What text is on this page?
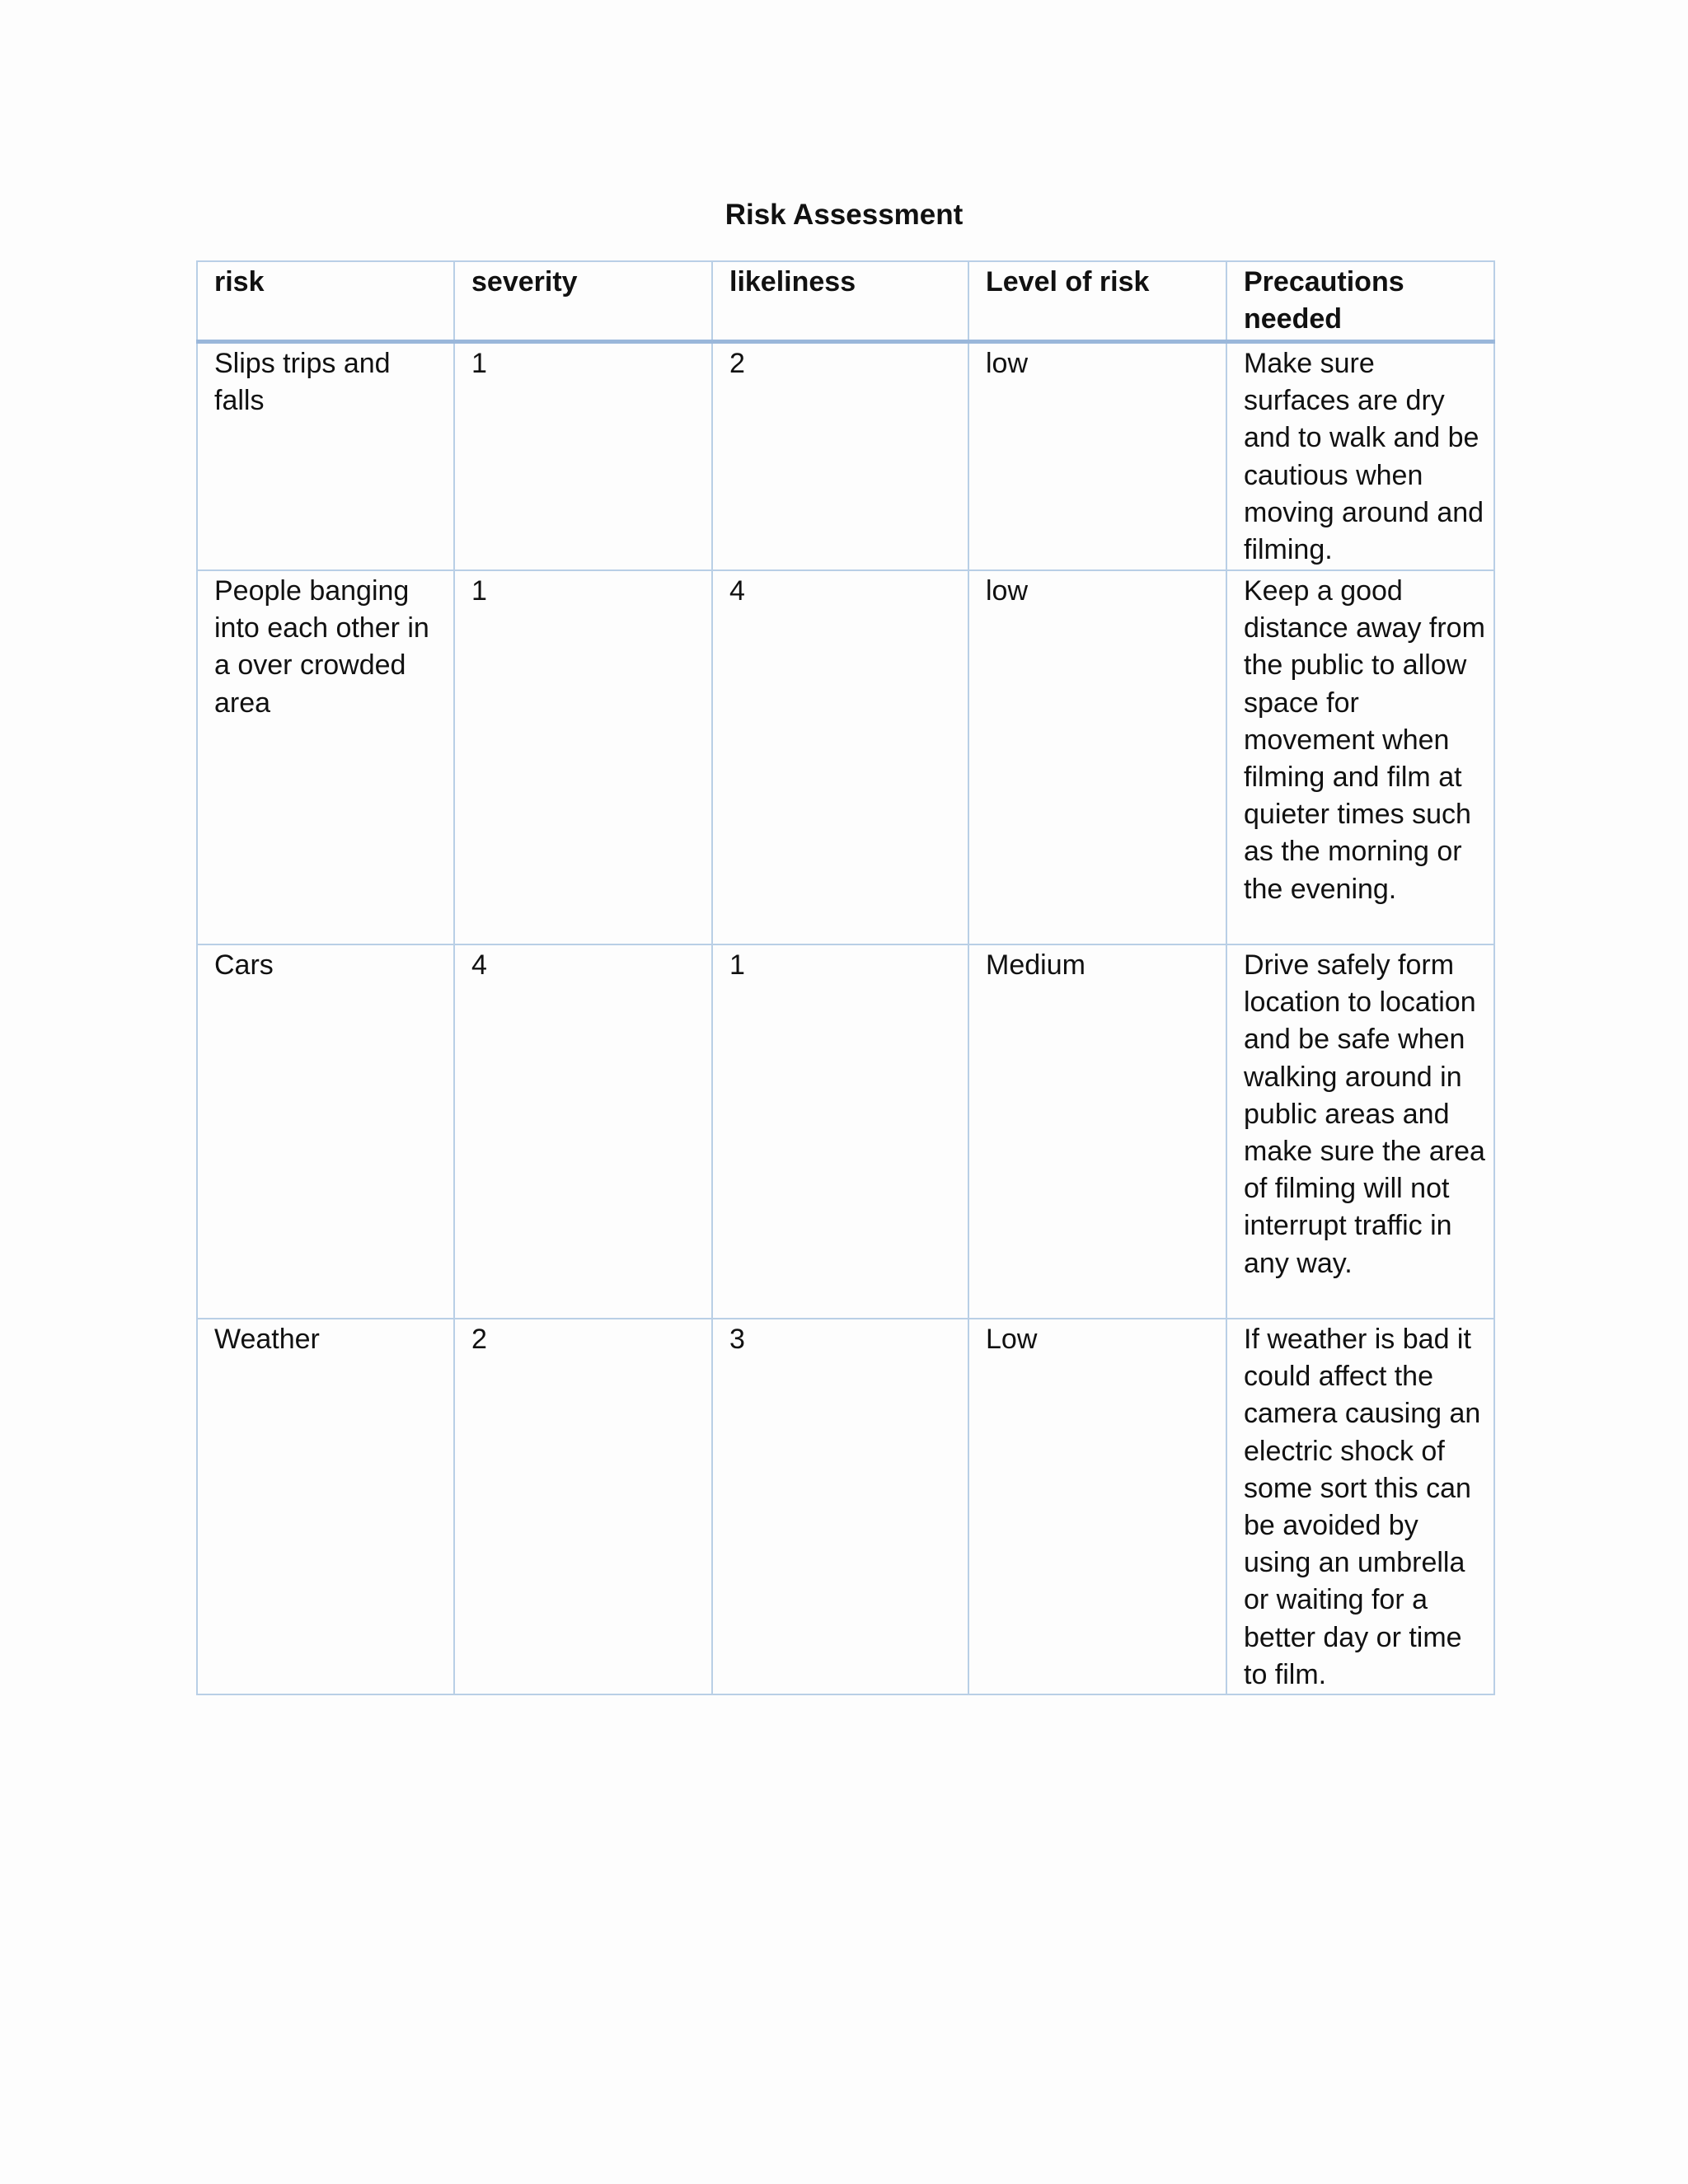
Risk Assessment
risk	severity	likeliness	Level of risk	Precautions needed
Slips trips and falls	1	2	low	Make sure surfaces are dry and to walk and be cautious when moving around and filming.
People banging into each other in a over crowded area	1	4	low	Keep a good distance away from the public to allow space for movement when filming and film at quieter times such as the morning or the evening.
Cars	4	1	Medium	Drive safely form location to location and be safe when walking around in public areas and make sure the area of filming will not interrupt traffic in any way.
Weather	2	3	Low	If weather is bad it could affect the camera causing an electric shock of some sort this can be avoided by using an umbrella or waiting for a better day or time to film.
